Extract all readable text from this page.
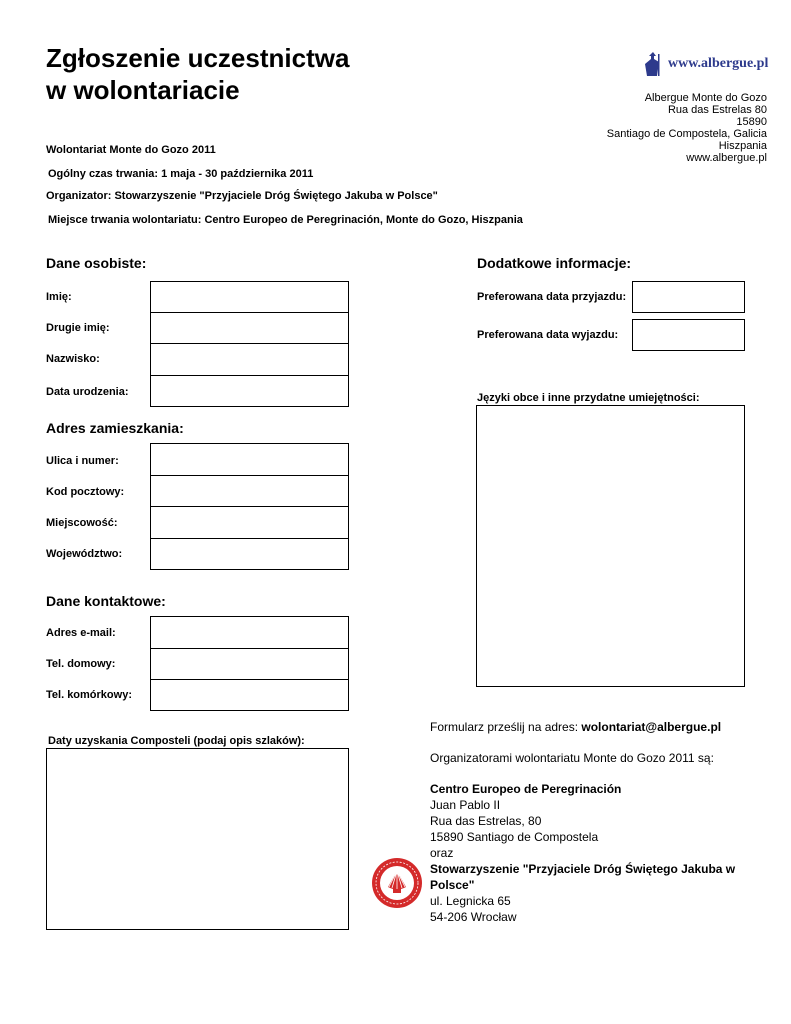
Zgłoszenie uczestnictwa
w wolontariacie
www.albergue.pl
Albergue Monte do Gozo
Rua das Estrelas 80
15890
Santiago de Compostela, Galicia
Hiszpania
www.albergue.pl
Wolontariat Monte do Gozo 2011
Ogólny czas trwania: 1 maja - 30 października 2011
Organizator: Stowarzyszenie "Przyjaciele Dróg Świętego Jakuba w Polsce"
Miejsce trwania wolontariatu: Centro Europeo de Peregrinación, Monte do Gozo, Hiszpania
Dane osobiste:
Imię:
Drugie imię:
Nazwisko:
Data urodzenia:
Adres zamieszkania:
Ulica i numer:
Kod pocztowy:
Miejscowość:
Województwo:
Dane kontaktowe:
Adres e-mail:
Tel. domowy:
Tel. komórkowy:
Daty uzyskania Composteli (podaj opis szlaków):
Dodatkowe informacje:
Preferowana data przyjazdu:
Preferowana data wyjazdu:
Języki obce i inne przydatne umiejętności:
Formularz prześlij na adres: wolontariat@albergue.pl
Organizatorami wolontariatu Monte do Gozo 2011 są:
Centro Europeo de Peregrinación
Juan Pablo II
Rua das Estrelas, 80
15890 Santiago de Compostela
oraz
Stowarzyszenie "Przyjaciele Dróg Świętego Jakuba w
Polsce"
ul. Legnicka 65
54-206 Wrocław
